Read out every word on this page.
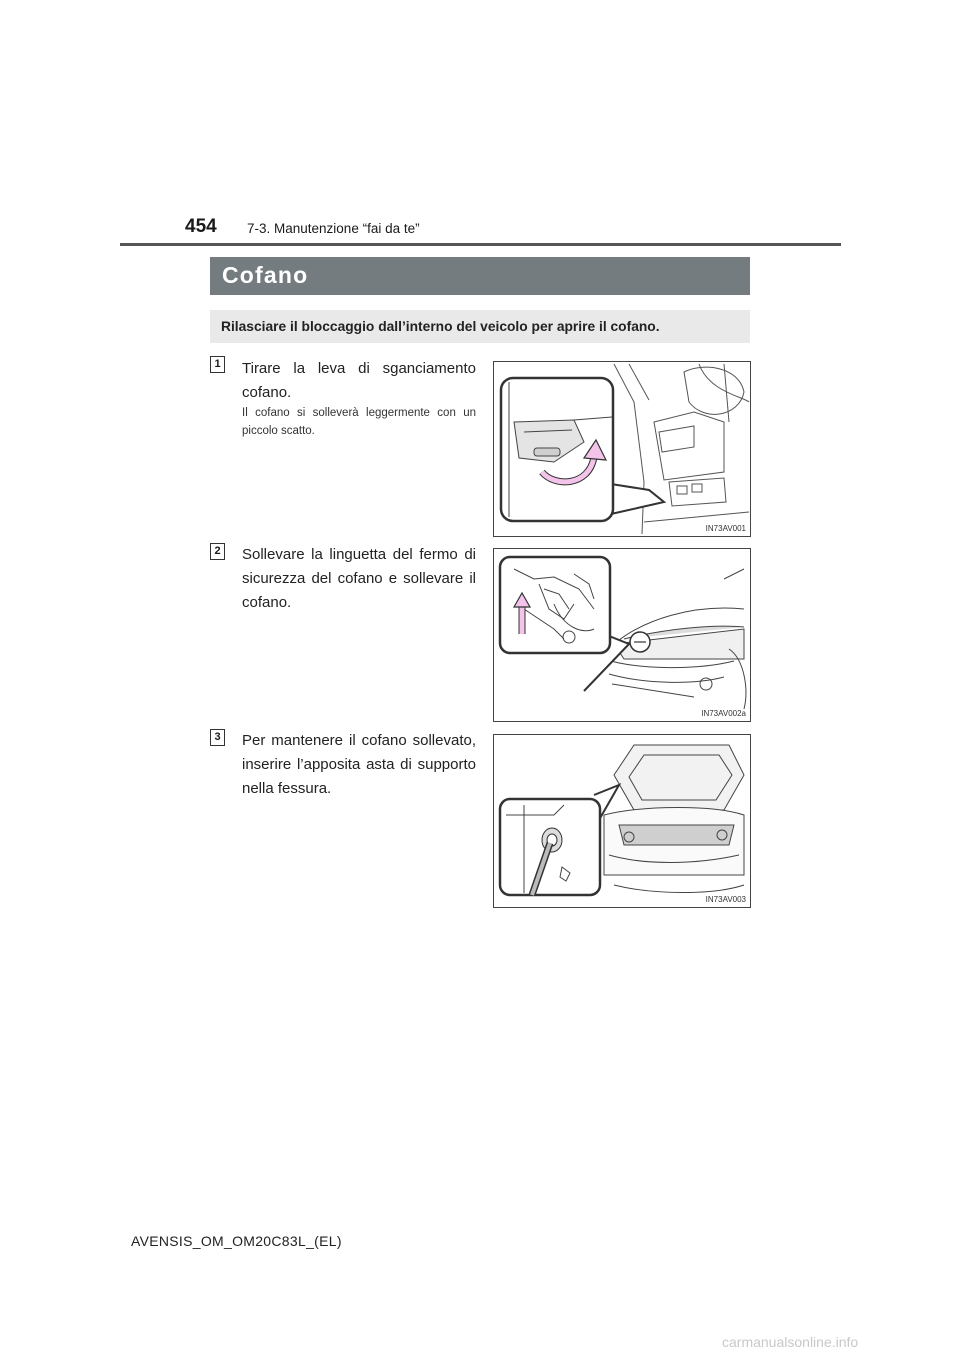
454 7-3. Manutenzione “fai da te”
Cofano
Rilasciare il bloccaggio dall’interno del veicolo per aprire il cofano.
1 Tirare la leva di sganciamento cofano.
Il cofano si solleverà leggermente con un piccolo scatto.
IN73AV001
2 Sollevare la linguetta del fermo di sicurezza del cofano e sollevare il cofano.
IN73AV002a
3 Per mantenere il cofano sollevato, inserire l’apposita asta di supporto nella fessura.
IN73AV003
AVENSIS_OM_OM20C83L_(EL)
carmanualsonline.info
